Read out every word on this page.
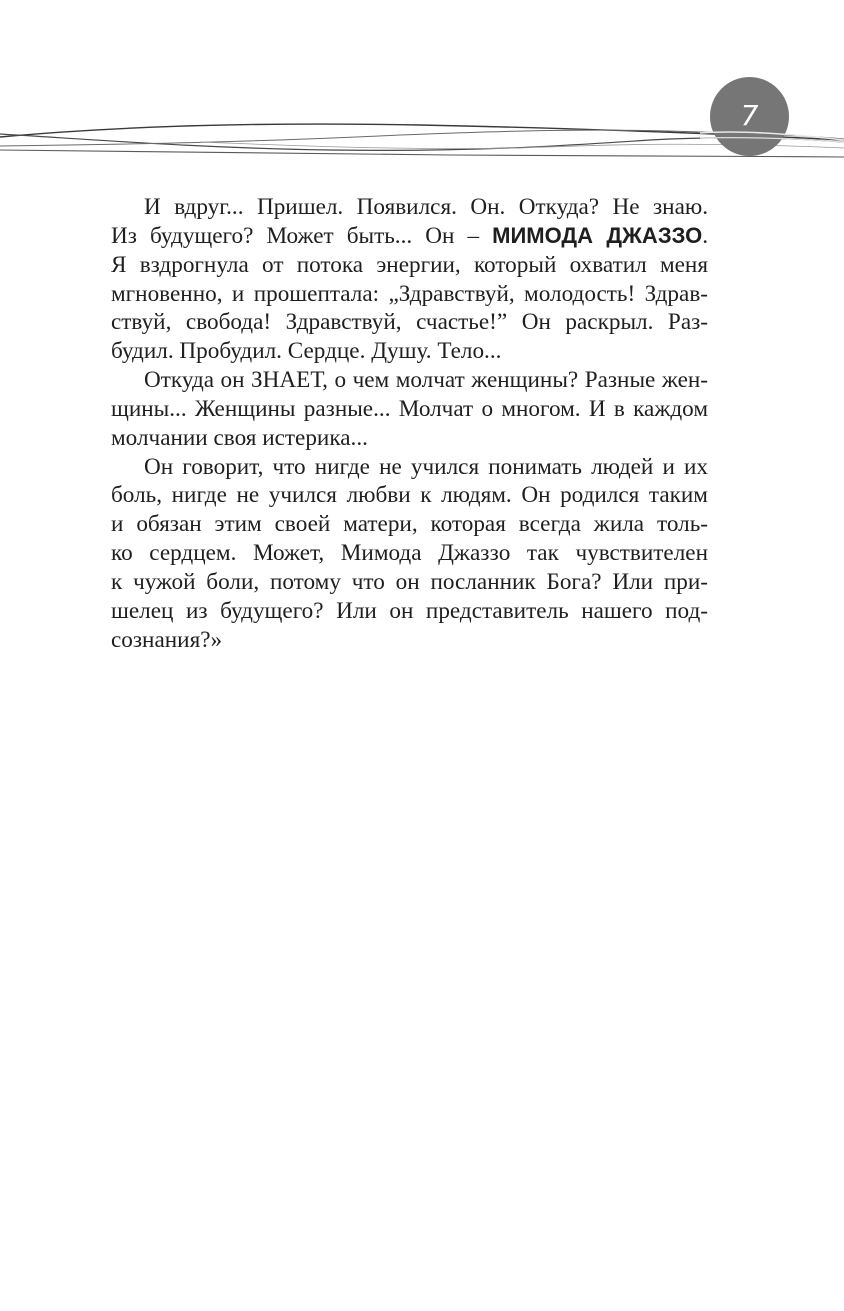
7
И вдруг... Пришел. Появился. Он. Откуда? Не знаю.
Из будущего? Может быть... Он – МИМОДА ДЖАЗЗО.
Я вздрогнула от потока энергии, который охватил меня
мгновенно, и прошептала: „Здравствуй, молодость! Здрав-
ствуй, свобода! Здравствуй, счастье!” Он раскрыл. Раз-
будил. Пробудил. Сердце. Душу. Тело...
Откуда он ЗНАЕТ, о чем молчат женщины? Разные жен-
щины... Женщины разные... Молчат о многом. И в каждом
молчании своя истерика...
Он говорит, что нигде не учился понимать людей и их
боль, нигде не учился любви к людям. Он родился таким
и обязан этим своей матери, которая всегда жила толь-
ко сердцем. Может, Мимода Джаззо так чувствителен
к чужой боли, потому что он посланник Бога? Или при-
шелец из будущего? Или он представитель нашего под-
сознания?»
